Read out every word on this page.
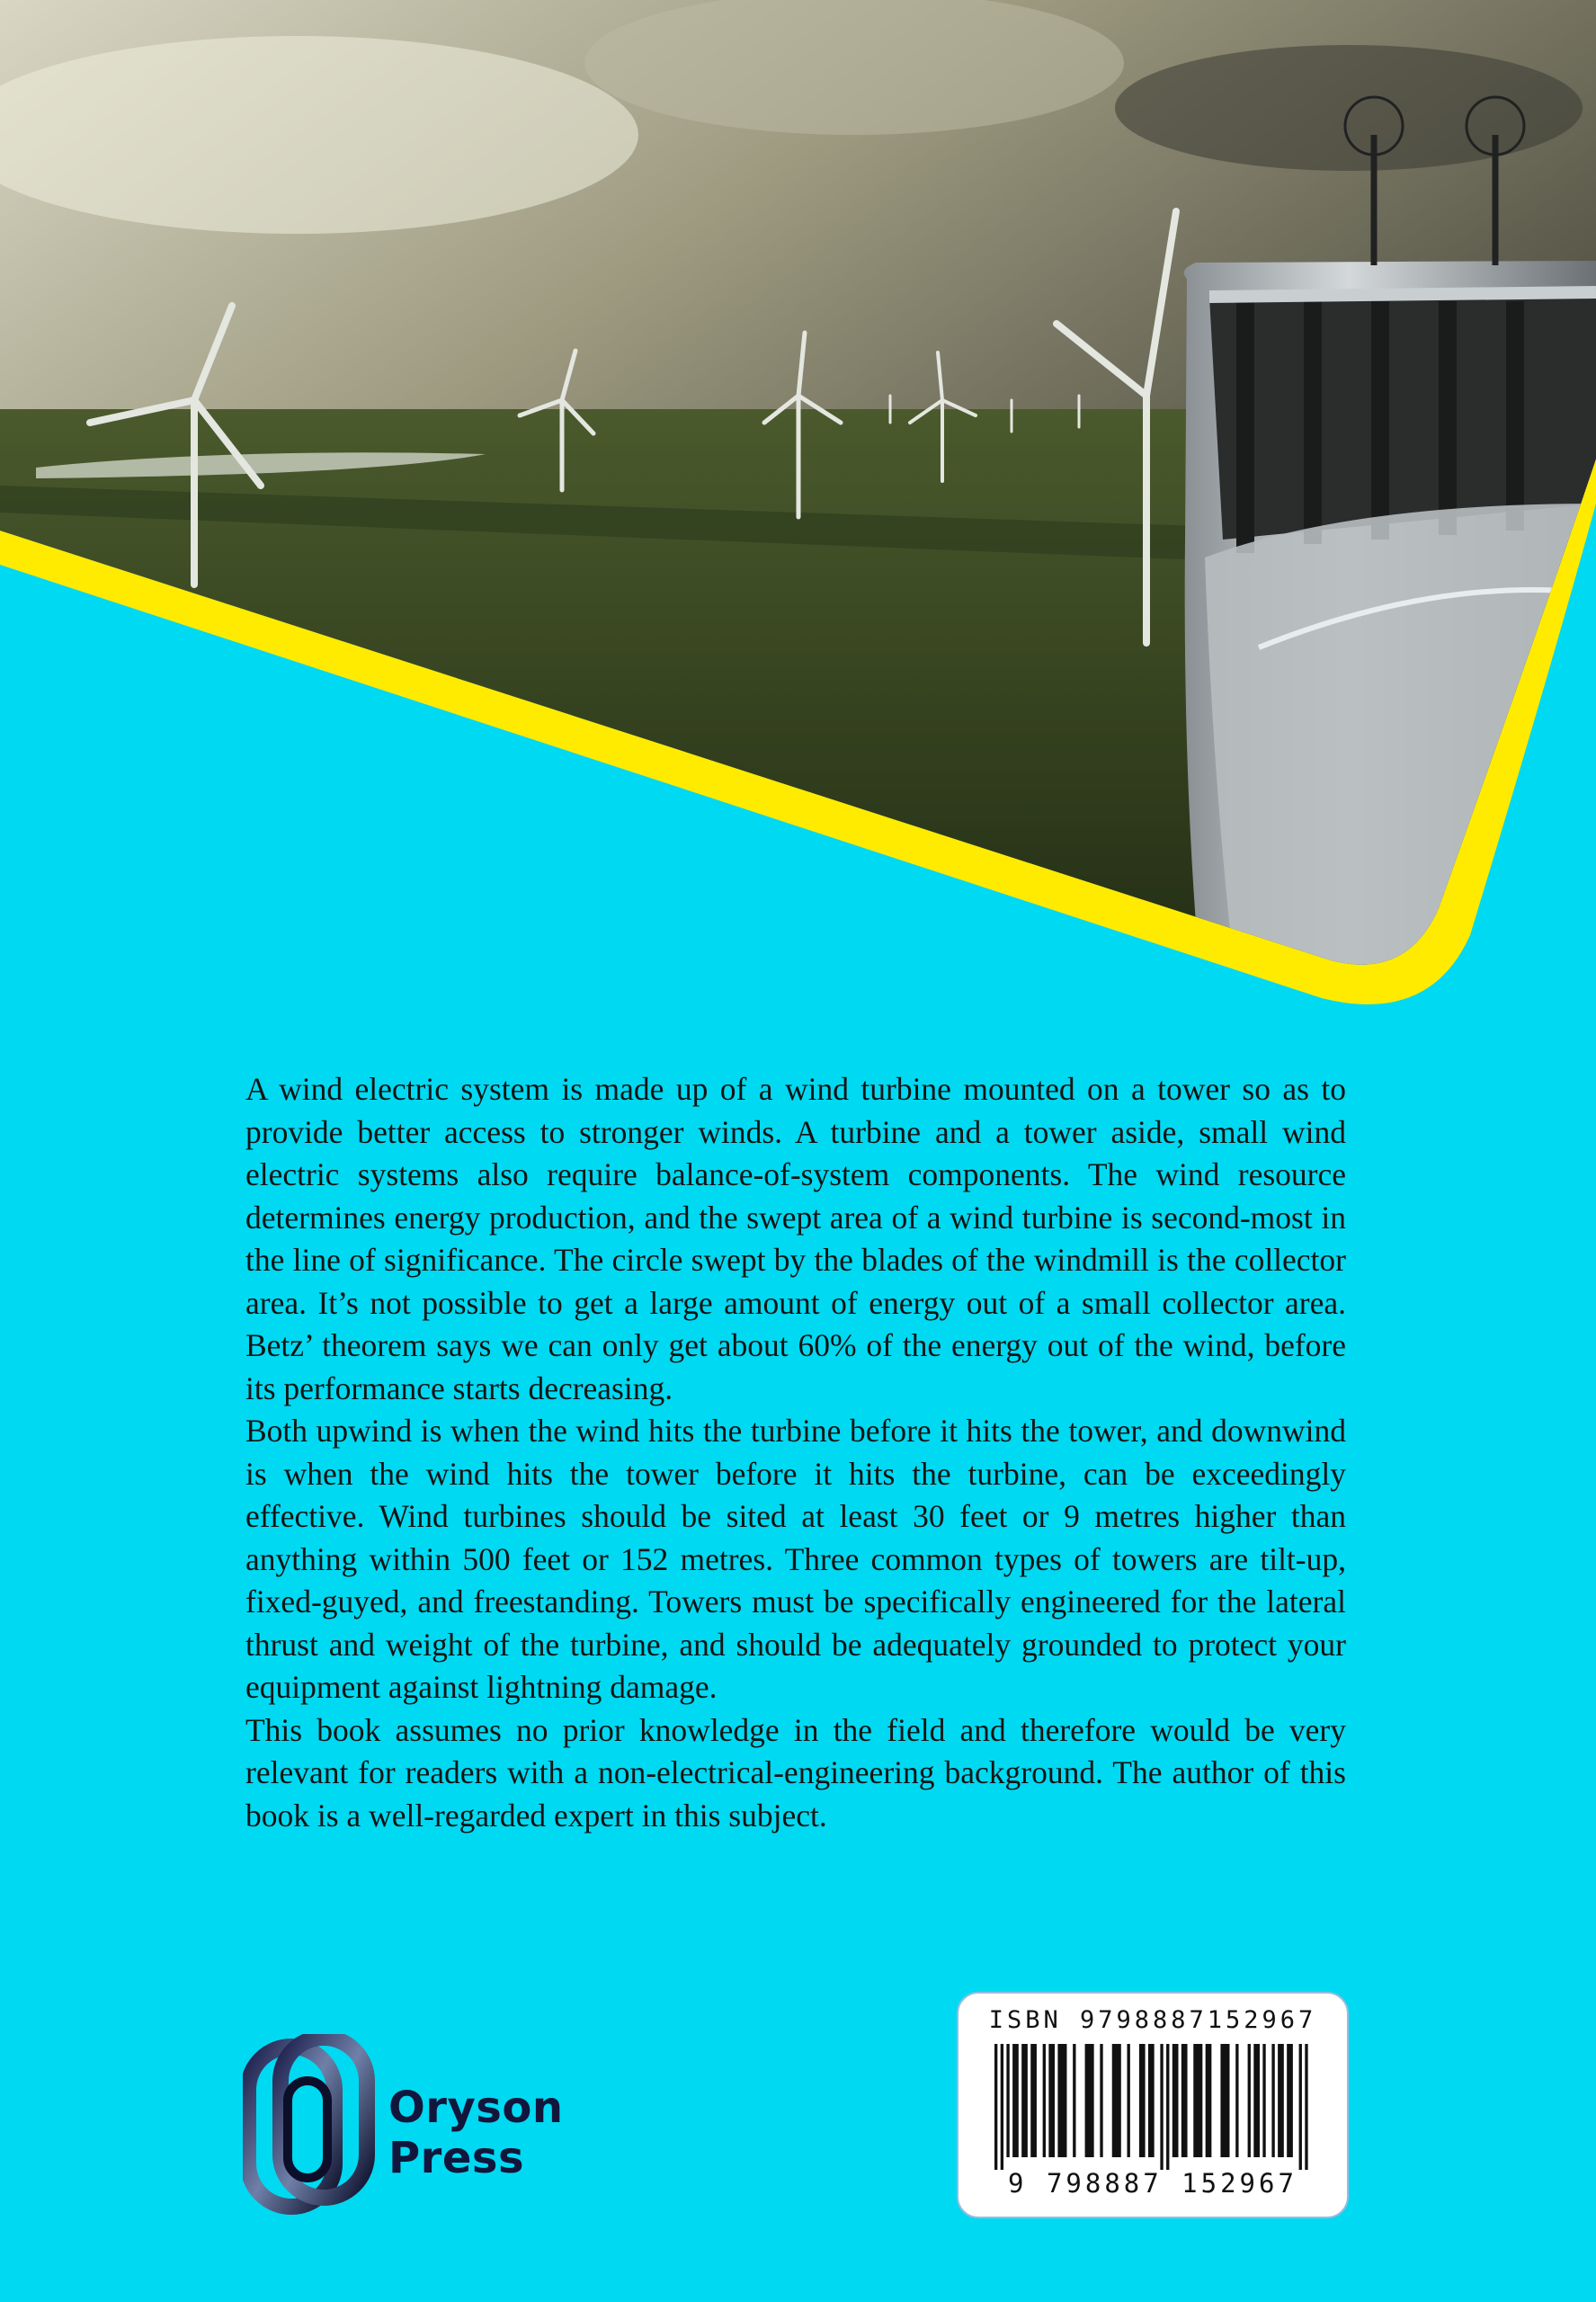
A wind electric system is made up of a wind turbine mounted on a tower so as to provide better access to stronger winds. A turbine and a tower aside, small wind electric systems also require balance-of-system components. The wind resource determines energy production, and the swept area of a wind turbine is second-most in the line of significance. The circle swept by the blades of the windmill is the collector area. It’s not possible to get a large amount of energy out of a small collector area. Betz’ theorem says we can only get about 60% of the energy out of the wind, before its performance starts decreasing.

Both upwind is when the wind hits the turbine before it hits the tower, and downwind is when the wind hits the tower before it hits the turbine, can be exceedingly effective. Wind turbines should be sited at least 30 feet or 9 metres higher than anything within 500 feet or 152 metres. Three common types of towers are tilt-up, fixed-guyed, and freestanding. Towers must be specifically engineered for the lateral thrust and weight of the turbine, and should be adequately grounded to protect your equipment against lightning damage.

This book assumes no prior knowledge in the field and therefore would be very relevant for readers with a non-electrical-engineering background. The author of this book is a well-regarded expert in this subject.

Oryson
Press
ISBN 9798887152967
9 798887 152967
